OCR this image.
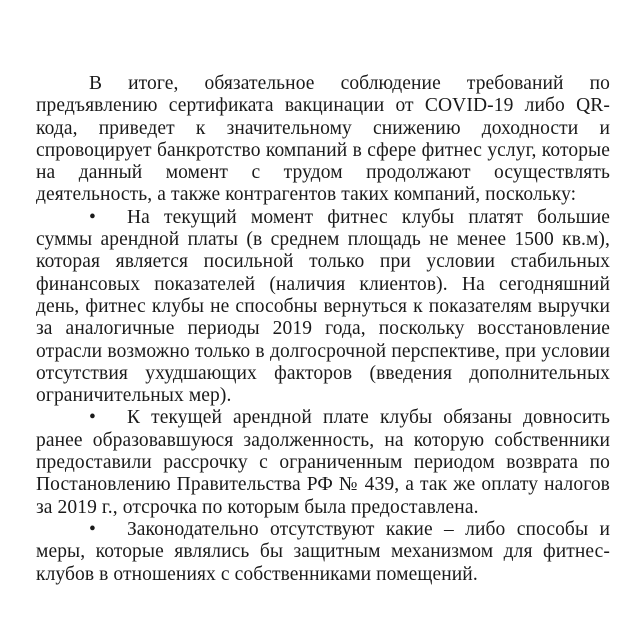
В итоге, обязательное соблюдение требований по предъявлению сертификата вакцинации от COVID-19 либо QR-кода, приведет к значительному снижению доходности и спровоцирует банкротство компаний в сфере фитнес услуг, которые на данный момент с трудом продолжают осуществлять деятельность, а также контрагентов таких компаний, поскольку:

• На текущий момент фитнес клубы платят большие суммы арендной платы (в среднем площадь не менее 1500 кв.м), которая является посильной только при условии стабильных финансовых показателей (наличия клиентов). На сегодняшний день, фитнес клубы не способны вернуться к показателям выручки за аналогичные периоды 2019 года, поскольку восстановление отрасли возможно только в долгосрочной перспективе, при условии отсутствия ухудшающих факторов (введения дополнительных ограничительных мер).

• К текущей арендной плате клубы обязаны довносить ранее образовавшуюся задолженность, на которую собственники предоставили рассрочку с ограниченным периодом возврата по Постановлению Правительства РФ № 439, а так же оплату налогов за 2019 г., отсрочка по которым была предоставлена.

• Законодательно отсутствуют какие – либо способы и меры, которые являлись бы защитным механизмом для фитнес-клубов в отношениях с собственниками помещений.
